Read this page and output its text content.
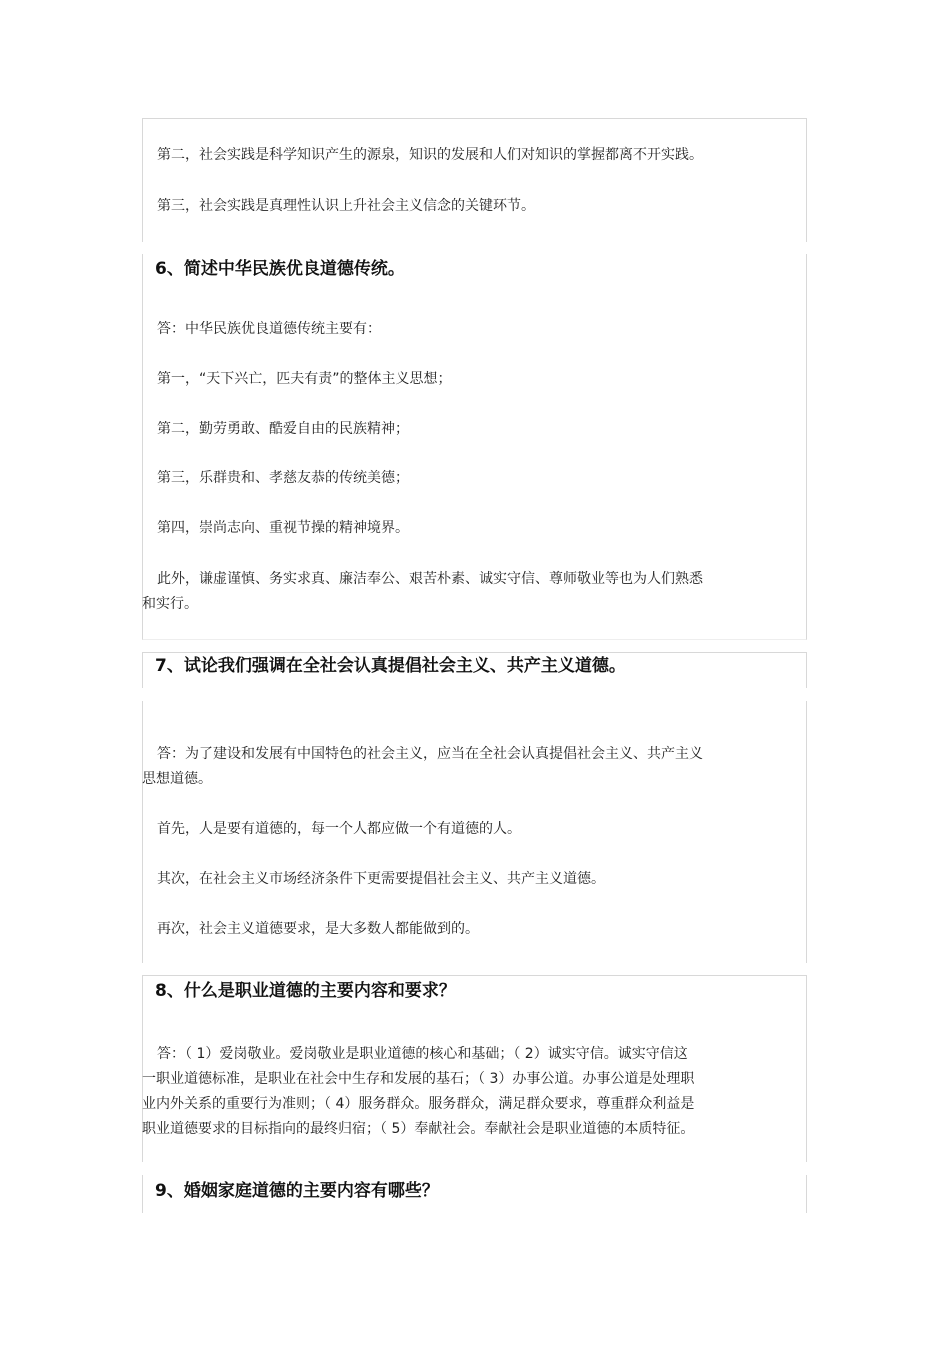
第二，社会实践是科学知识产生的源泉，知识的发展和人们对知识的掌握都离不开实践。

第三，社会实践是真理性认识上升社会主义信念的关键环节。

6、简述中华民族优良道德传统。

答：中华民族优良道德传统主要有：

第一，“天下兴亡，匹夫有责”的整体主义思想；

第二，勤劳勇敢、酷爱自由的民族精神；

第三，乐群贵和、孝慈友恭的传统美德；

第四，崇尚志向、重视节操的精神境界。

此外，谦虚谨慎、务实求真、廉洁奉公、艰苦朴素、诚实守信、尊师敬业等也为人们熟悉

和实行。

7、试论我们强调在全社会认真提倡社会主义、共产主义道德。

答：为了建设和发展有中国特色的社会主义，应当在全社会认真提倡社会主义、共产主义

思想道德。

首先，人是要有道德的，每一个人都应做一个有道德的人。

其次，在社会主义市场经济条件下更需要提倡社会主义、共产主义道德。

再次，社会主义道德要求，是大多数人都能做到的。

8、什么是职业道德的主要内容和要求？

答：（ 1）爱岗敬业。爱岗敬业是职业道德的核心和基础；（ 2）诚实守信。诚实守信这

一职业道德标准，是职业在社会中生存和发展的基石；（ 3）办事公道。办事公道是处理职

业内外关系的重要行为准则；（ 4）服务群众。服务群众，满足群众要求，尊重群众利益是

职业道德要求的目标指向的最终归宿；（ 5）奉献社会。奉献社会是职业道德的本质特征。

9、婚姻家庭道德的主要内容有哪些？
